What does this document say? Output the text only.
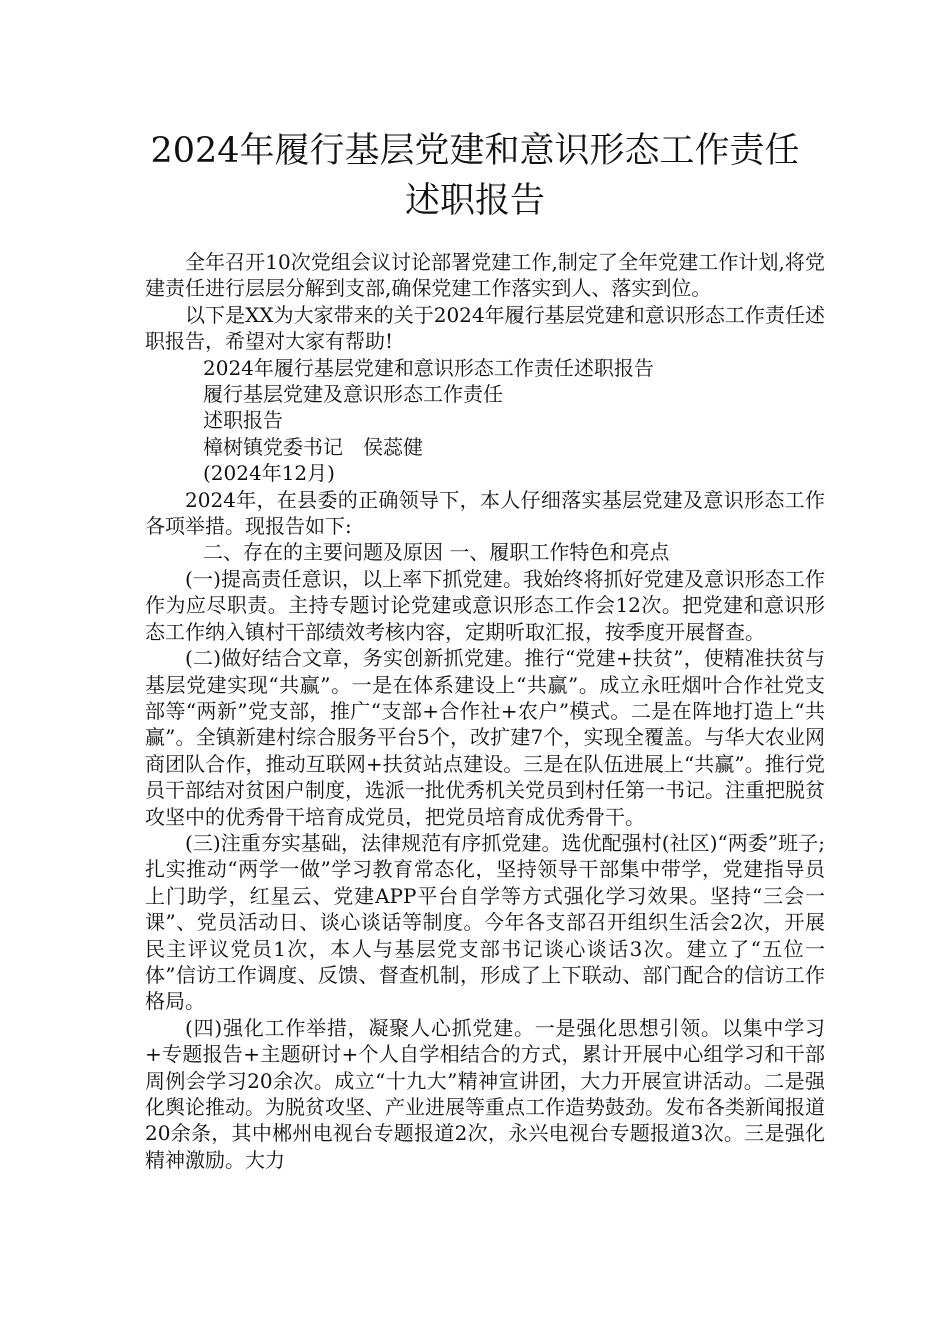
2024年履行基层党建和意识形态工作责任
述职报告

全年召开10次党组会议讨论部署党建工作,制定了全年党建工作计划,将党建责任进行层层分解到支部,确保党建工作落实到人、落实到位。

以下是XX为大家带来的关于2024年履行基层党建和意识形态工作责任述职报告，希望对大家有帮助!

2024年履行基层党建和意识形态工作责任述职报告

履行基层党建及意识形态工作责任

述职报告

樟树镇党委书记　侯蕊健

(2024年12月)

2024年，在县委的正确领导下，本人仔细落实基层党建及意识形态工作各项举措。现报告如下:

二、存在的主要问题及原因 一、履职工作特色和亮点

(一)提高责任意识，以上率下抓党建。我始终将抓好党建及意识形态工作作为应尽职责。主持专题讨论党建或意识形态工作会12次。把党建和意识形态工作纳入镇村干部绩效考核内容，定期听取汇报，按季度开展督查。

(二)做好结合文章，务实创新抓党建。推行“党建+扶贫”，使精准扶贫与基层党建实现“共赢”。一是在体系建设上“共赢”。成立永旺烟叶合作社党支部等“两新”党支部，推广“支部+合作社+农户”模式。二是在阵地打造上“共赢”。全镇新建村综合服务平台5个，改扩建7个，实现全覆盖。与华大农业网商团队合作，推动互联网+扶贫站点建设。三是在队伍进展上“共赢”。推行党员干部结对贫困户制度，选派一批优秀机关党员到村任第一书记。注重把脱贫攻坚中的优秀骨干培育成党员，把党员培育成优秀骨干。

(三)注重夯实基础，法律规范有序抓党建。选优配强村(社区)“两委”班子;扎实推动“两学一做”学习教育常态化，坚持领导干部集中带学，党建指导员上门助学，红星云、党建APP平台自学等方式强化学习效果。坚持“三会一课”、党员活动日、谈心谈话等制度。今年各支部召开组织生活会2次，开展民主评议党员1次，本人与基层党支部书记谈心谈话3次。建立了“五位一体”信访工作调度、反馈、督查机制，形成了上下联动、部门配合的信访工作格局。

(四)强化工作举措，凝聚人心抓党建。一是强化思想引领。以集中学习+专题报告+主题研讨+个人自学相结合的方式，累计开展中心组学习和干部周例会学习20余次。成立“十九大”精神宣讲团，大力开展宣讲活动。二是强化舆论推动。为脱贫攻坚、产业进展等重点工作造势鼓劲。发布各类新闻报道20余条，其中郴州电视台专题报道2次，永兴电视台专题报道3次。三是强化精神激励。大力
